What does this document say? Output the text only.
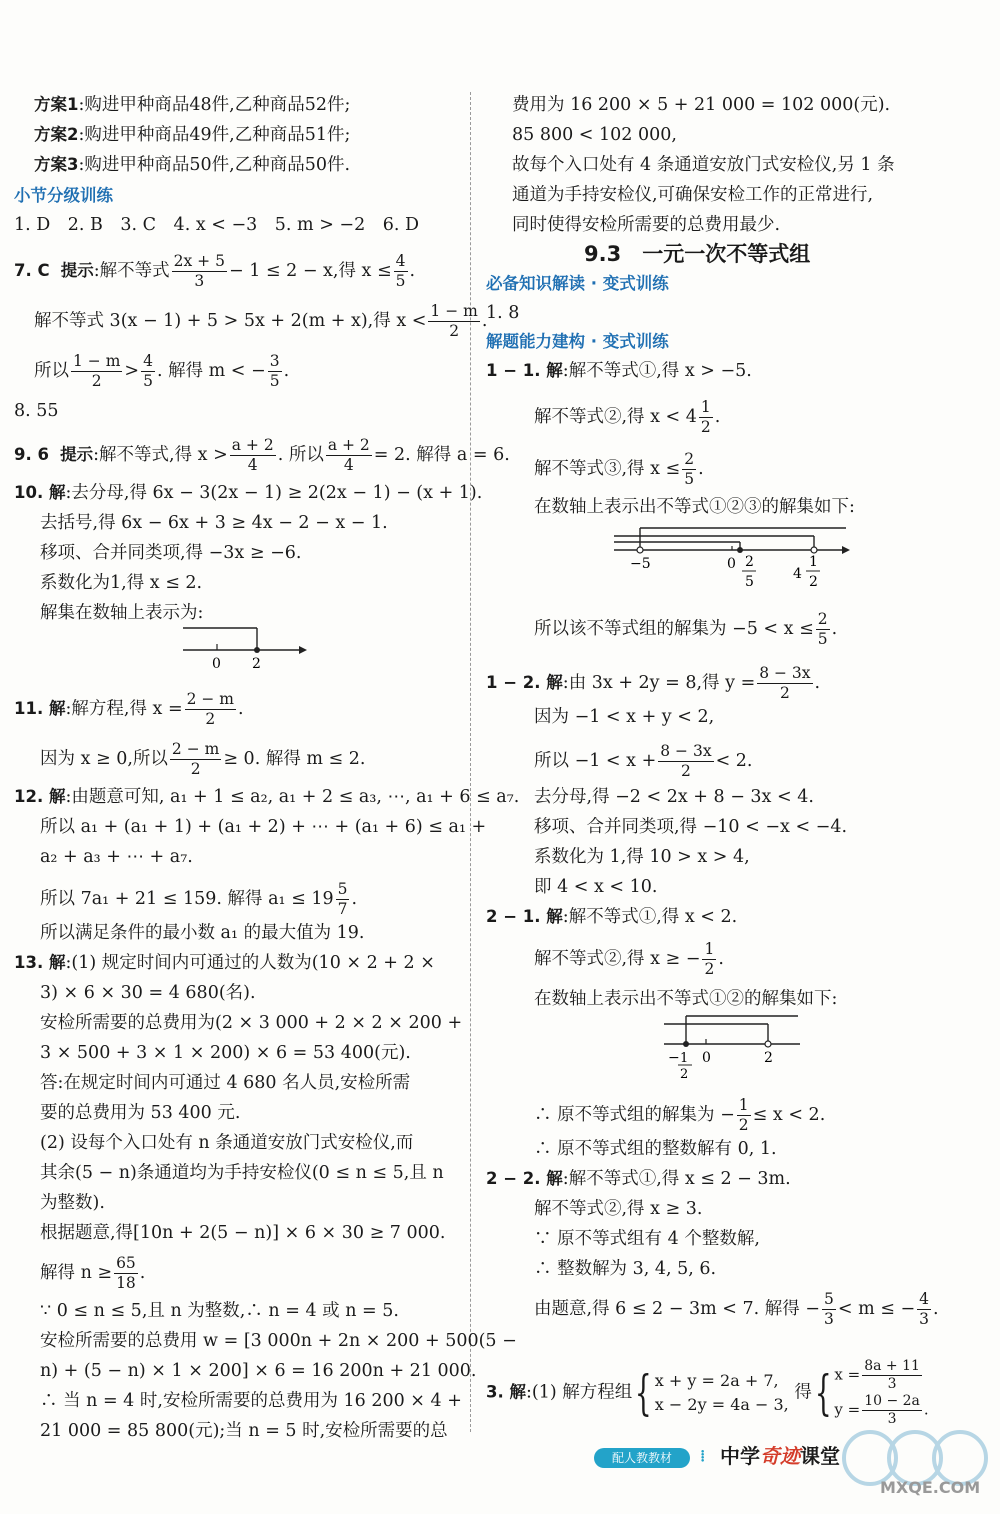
方案1:购进甲种商品48件,乙种商品52件;
方案2:购进甲种商品49件,乙种商品51件;
方案3:购进甲种商品50件,乙种商品50件.
小节分级训练
1. D　2. B　3. C　4. x < −3　5. m > −2　6. D
7. C 提示:解不等式 $\frac{2x + 5}{3} - 1 \le 2 - x$,得 $x \le \frac{4}{5}$ .
解不等式 3(x − 1) + 5 > 5x + 2(m + x),得 $x < \frac{1 - m}{2}$ .
所以 $\frac{1 - m}{2} > \frac{4}{5}$ . 解得 m < − $\frac{3}{5}$ .
8. 55
9. 6 提示:解不等式,得 $x > \frac{a + 2}{4}$ . 所以 $\frac{a + 2}{4} = 2$. 解得 a = 6.
10. 解:去分母,得 6x − 3(2x − 1) ≥ 2(2x − 1) − (x + 1).
去括号,得 6x − 6x + 3 ≥ 4x − 2 − x − 1.
移项、合并同类项,得 −3x ≥ −6.
系数化为1,得 x ≤ 2.
解集在数轴上表示为:
0 2
11. 解:解方程,得 $x = \frac{2 - m}{2}$ .
因为 x ≥ 0,所以 $\frac{2 - m}{2} \ge 0$. 解得 m ≤ 2.
12. 解:由题意可知, a₁ + 1 ≤ a₂, a₁ + 2 ≤ a₃, ⋯, a₁ + 6 ≤ a₇.
所以 a₁ + (a₁ + 1) + (a₁ + 2) + ⋯ + (a₁ + 6) ≤ a₁ +
a₂ + a₃ + ⋯ + a₇.
所以 7a₁ + 21 ≤ 159. 解得 $a_1 \le 19 \frac{5}{7}$ .
所以满足条件的最小数 a₁ 的最大值为 19.
13. 解:(1) 规定时间内可通过的人数为(10 × 2 + 2 ×
3) × 6 × 30 = 4 680(名).
安检所需要的总费用为(2 × 3 000 + 2 × 2 × 200 +
3 × 500 + 3 × 1 × 200) × 6 = 53 400(元).
答:在规定时间内可通过 4 680 名人员,安检所需
要的总费用为 53 400 元.
(2) 设每个入口处有 n 条通道安放门式安检仪,而
其余(5 − n)条通道均为手持安检仪(0 ≤ n ≤ 5,且 n
为整数).
根据题意,得[10n + 2(5 − n)] × 6 × 30 ≥ 7 000.
解得 $n \ge \frac{65}{18}$ .
∵ 0 ≤ n ≤ 5,且 n 为整数,∴ n = 4 或 n = 5.
安检所需要的总费用 w = [3 000n + 2n × 200 + 500(5 −
n) + (5 − n) × 1 × 200] × 6 = 16 200n + 21 000.
∴ 当 n = 4 时,安检所需要的总费用为 16 200 × 4 +
21 000 = 85 800(元);当 n = 5 时,安检所需要的总
费用为 16 200 × 5 + 21 000 = 102 000(元).
85 800 < 102 000,
故每个入口处有 4 条通道安放门式安检仪,另 1 条
通道为手持安检仪,可确保安检工作的正常进行,
同时使得安检所需要的总费用最少.
9.3　一元一次不等式组
必备知识解读 · 变式训练
1. 8
解题能力建构 · 变式训练
1 − 1. 解:解不等式①,得 x > −5.
解不等式②,得 $x < 4 \frac{1}{2}$ .
解不等式③,得 $x \le \frac{2}{5}$ .
在数轴上表示出不等式①②③的解集如下:
−5	0 2
5	4
1
2
所以该不等式组的解集为 $-5 < x \le \frac{2}{5}$ .
1 − 2. 解:由 3x + 2y = 8,得 $y = \frac{8 - 3x}{2}$ .
因为 −1 < x + y < 2,
所以 $-1 < x + \frac{8 - 3x}{2} < 2$.
去分母,得 −2 < 2x + 8 − 3x < 4.
移项、合并同类项,得 −10 < −x < −4.
系数化为 1,得 10 > x > 4,
即 4 < x < 10.
2 − 1. 解:解不等式①,得 x < 2.
解不等式②,得 x ≥ − $\frac{1}{2}$ .
在数轴上表示出不等式①②的解集如下:
− 1
2
0	2
∴ 原不等式组的解集为 − $\frac{1}{2} \le x < 2$.
∴ 原不等式组的整数解有 0, 1.
2 − 2. 解:解不等式①,得 x ≤ 2 − 3m.
解不等式②,得 x ≥ 3.
∵ 原不等式组有 4 个整数解,
∴ 整数解为 3, 4, 5, 6.
由题意,得 6 ≤ 2 − 3m < 7. 解得 − $\frac{5}{3} < m$ ≤ − $\frac{4}{3}$ .
3. 解:(1) 解方程组{ x + y = 2a + 7,
x − 2y = 4a − 3,
得{ $x = \frac{8a + 11}{3}$
$y = \frac{10 - 2a}{3}$ .
配人教教材	⁞ 中学奇迹课堂
MXQE.COM
